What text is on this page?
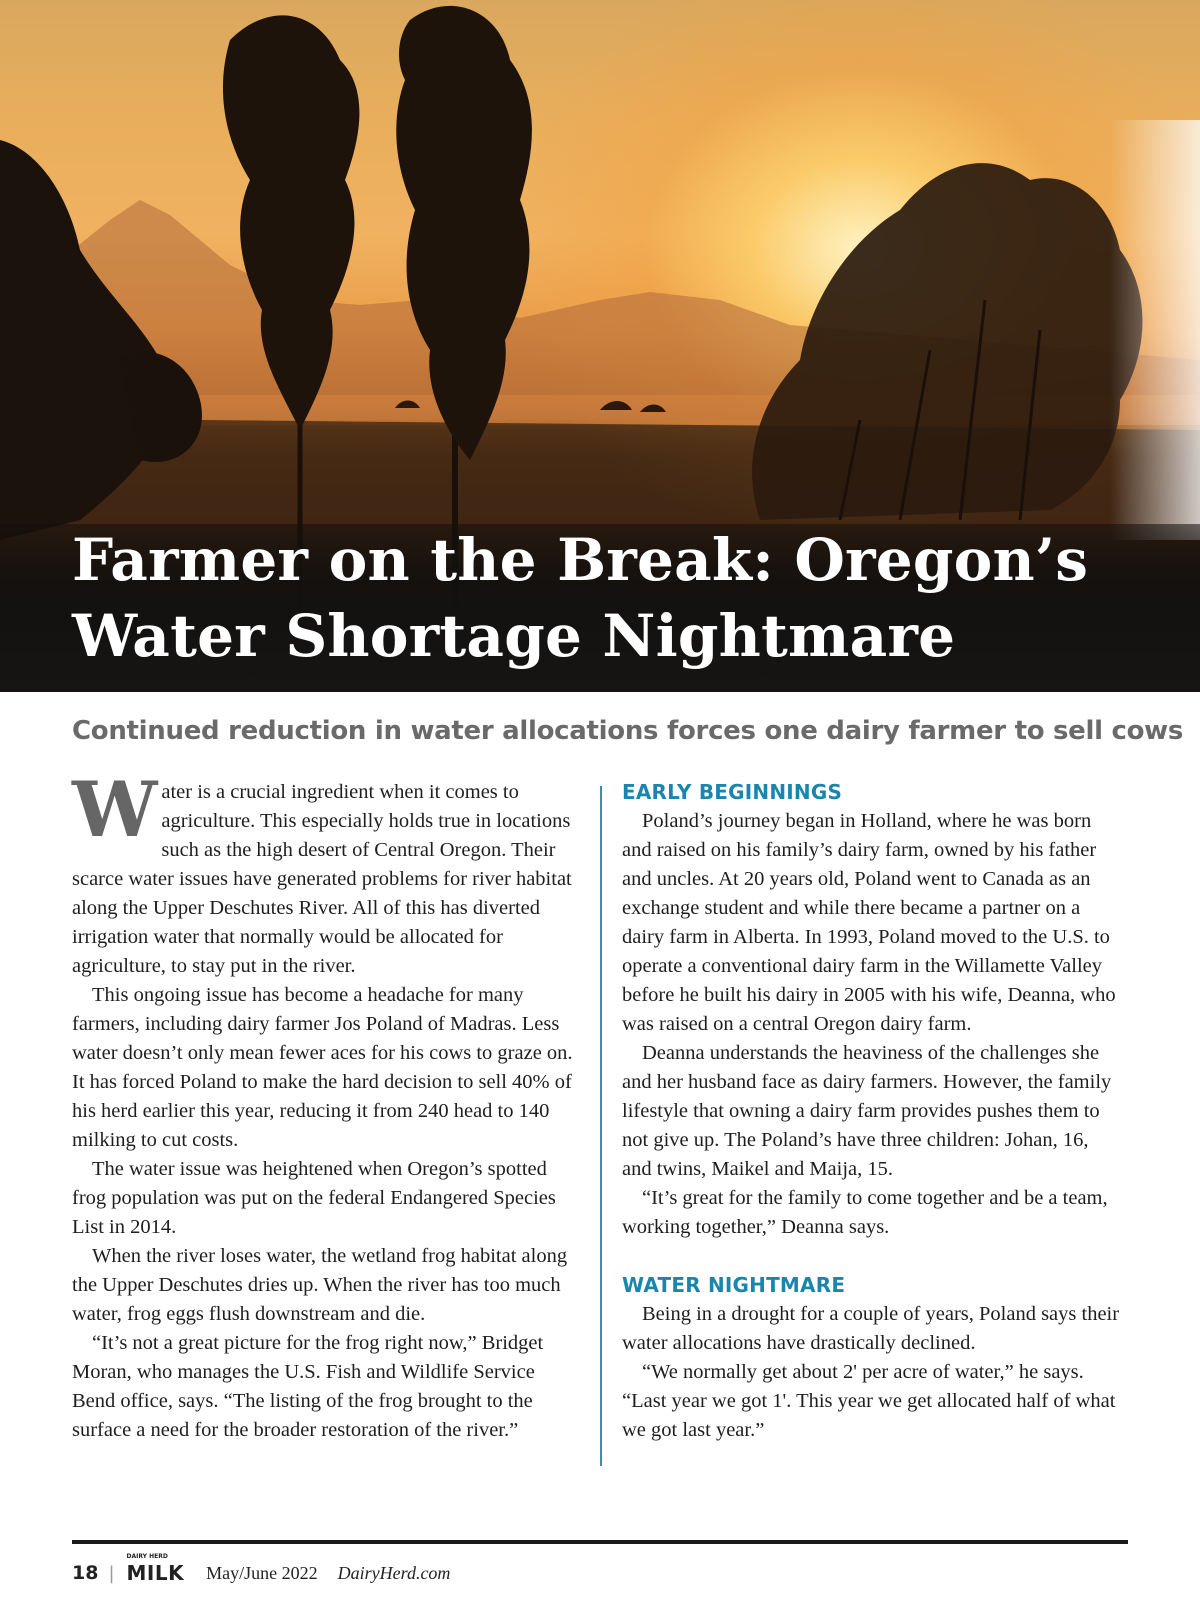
Farmer on the Break: Oregon’s Water Shortage Nightmare
Continued reduction in water allocations forces one dairy farmer to sell cows

Water is a crucial ingredient when it comes to agriculture. This especially holds true in locations such as the high desert of Central Oregon. Their scarce water issues have generated problems for river habitat along the Upper Deschutes River. All of this has diverted irrigation water that normally would be allocated for agriculture, to stay put in the river.

This ongoing issue has become a headache for many farmers, including dairy farmer Jos Poland of Madras. Less water doesn’t only mean fewer aces for his cows to graze on. It has forced Poland to make the hard decision to sell 40% of his herd earlier this year, reducing it from 240 head to 140 milking to cut costs.

The water issue was heightened when Oregon’s spotted frog population was put on the federal Endangered Species List in 2014.

When the river loses water, the wetland frog habitat along the Upper Deschutes dries up. When the river has too much water, frog eggs flush downstream and die.

“It’s not a great picture for the frog right now,” Bridget Moran, who manages the U.S. Fish and Wildlife Service Bend office, says. “The listing of the frog brought to the surface a need for the broader restoration of the river.”

EARLY BEGINNINGS

Poland’s journey began in Holland, where he was born and raised on his family’s dairy farm, owned by his father and uncles. At 20 years old, Poland went to Canada as an exchange student and while there became a partner on a dairy farm in Alberta. In 1993, Poland moved to the U.S. to operate a conventional dairy farm in the Willamette Valley before he built his dairy in 2005 with his wife, Deanna, who was raised on a central Oregon dairy farm.

Deanna understands the heaviness of the challenges she and her husband face as dairy farmers. However, the family lifestyle that owning a dairy farm provides pushes them to not give up. The Poland’s have three children: Johan, 16, and twins, Maikel and Maija, 15.

“It’s great for the family to come together and be a team, working together,” Deanna says.

WATER NIGHTMARE

Being in a drought for a couple of years, Poland says their water allocations have drastically declined.

“We normally get about 2' per acre of water,” he says. “Last year we got 1'. This year we get allocated half of what we got last year.”

18 |
DAIRY HERD
MILK May/June 2022 DairyHerd.com
